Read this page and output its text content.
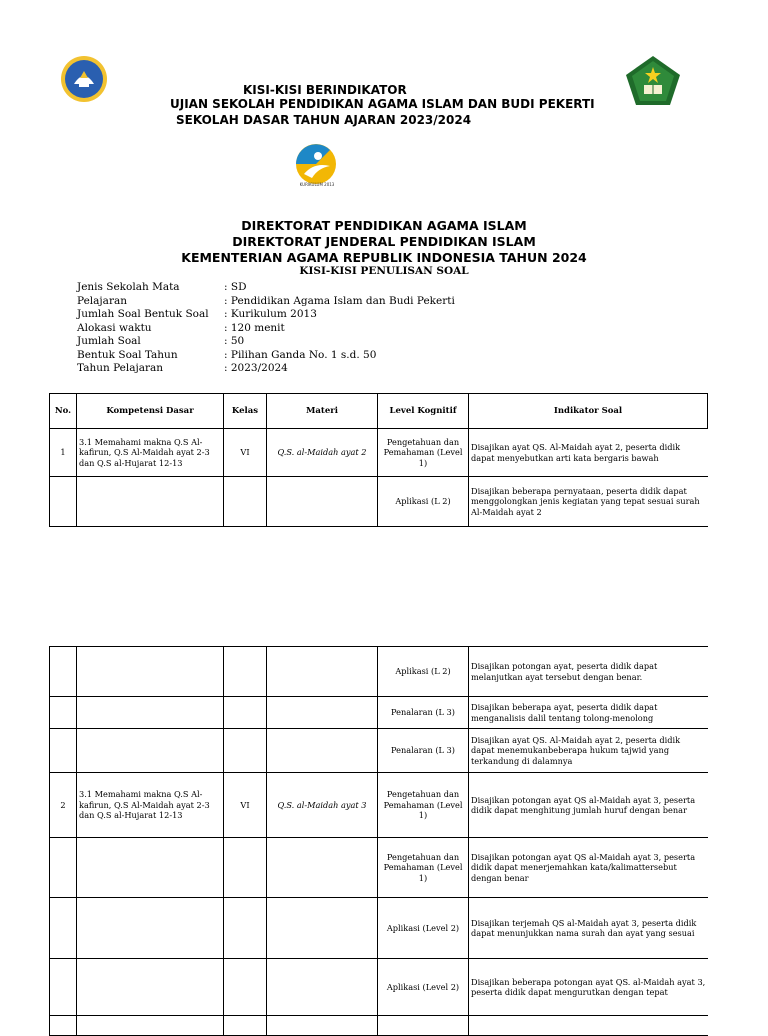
KISI-KISI BERINDIKATOR
UJIAN SEKOLAH PENDIDIKAN AGAMA ISLAM DAN BUDI PEKERTI
SEKOLAH DASAR TAHUN AJARAN 2023/2024
KURIKULUM 2013
DIREKTORAT PENDIDIKAN AGAMA ISLAM
DIREKTORAT JENDERAL PENDIDIKAN ISLAM
KEMENTERIAN AGAMA REPUBLIK INDONESIA TAHUN 2024
KISI-KISI PENULISAN SOAL
Jenis Sekolah Mata	: SD
Pelajaran	: Pendidikan Agama Islam dan Budi Pekerti
Jumlah Soal Bentuk Soal : Kurikulum 2013
Alokasi waktu	: 120 menit
Jumlah Soal	: 50
Bentuk Soal Tahun	: Pilihan Ganda No. 1 s.d. 50
Tahun Pelajaran	: 2023/2024
No.	Kompetensi Dasar	Kelas	Materi	Level Kognitif	Indikator Soal
1	3.1 Memahami makna Q.S Al-kafirun, Q.S Al-Maidah ayat 2-3 dan Q.S al-Hujarat 12-13	VI	Q.S. al-Maidah ayat 2	Pengetahuan dan Pemahaman (Level 1)	Disajikan ayat QS. Al-Maidah ayat 2, peserta didik dapat menyebutkan arti kata bergaris bawah
				Aplikasi (L 2)	Disajikan beberapa pernyataan, peserta didik dapat menggolongkan jenis kegiatan yang tepat sesuai surah Al-Maidah ayat 2
				Aplikasi (L 2)	Disajikan potongan ayat, peserta didik dapat melanjutkan ayat tersebut dengan benar.
				Penalaran (L 3)	Disajikan beberapa ayat, peserta didik dapat menganalisis dalil tentang tolong-menolong
				Penalaran (L 3)	Disajikan ayat QS. Al-Maidah ayat 2, peserta didik dapat menemukanbeberapa hukum tajwid yang terkandung di dalamnya
2	3.1 Memahami makna Q.S Al-kafirun, Q.S Al-Maidah ayat 2-3 dan Q.S al-Hujarat 12-13	VI	Q.S. al-Maidah ayat 3	Pengetahuan dan Pemahaman (Level 1)	Disajikan potongan ayat QS al-Maidah ayat 3, peserta didik dapat menghitung jumlah huruf dengan benar
				Pengetahuan dan Pemahaman (Level 1)	Disajikan potongan ayat QS al-Maidah ayat 3, peserta didik dapat menerjemahkan kata/kalimattersebut dengan benar
				Aplikasi (Level 2)	Disajikan terjemah QS al-Maidah ayat 3, peserta didik dapat menunjukkan nama surah dan ayat yang sesuai
				Aplikasi (Level 2)	Disajikan beberapa potongan ayat QS. al-Maidah ayat 3, peserta didik dapat mengurutkan dengan tepat
